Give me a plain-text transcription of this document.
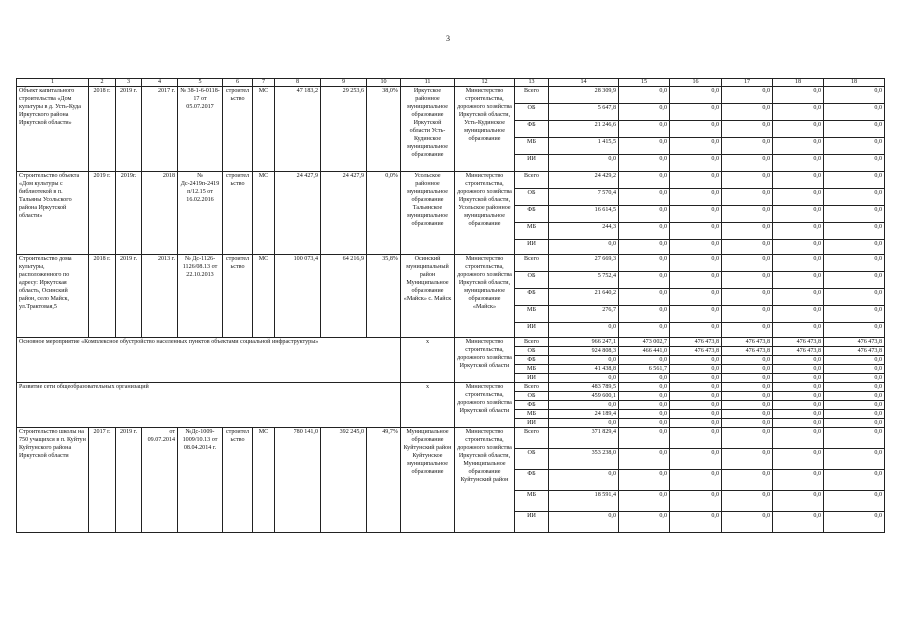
3
1	2	3	4	5	6	7	8	9	10	11	12	13	14	15	16	17	18	18
Объект капитального строительства «Дом культуры в д. Усть-Куда Иркутского района Иркутской области»	2018 г.	2019 г.	2017 г.	№ 38-1-6-0118-17 от 05.07.2017	строительство	МС	47 183,2	29 253,6	38,0%	Иркутское районное муниципальное образование Иркутской области Усть-Кудинское муниципальное образование	Министерство строительства, дорожного хозяйства Иркутской области, Усть-Кудинское муниципальное образование	Всего	28 309,9	0,0	0,0	0,0	0,0	0,0
												ОБ	5 647,8	0,0	0,0	0,0	0,0	0,0
												ФБ	21 246,6	0,0	0,0	0,0	0,0	0,0
												МБ	1 415,5	0,0	0,0	0,0	0,0	0,0
												ИИ	0,0	0,0	0,0	0,0	0,0	0,0
Строительство объекта «Дом культуры с библиотекой в п. Тальяны Усольского района Иркутской области»	2019 г.	2019г.	2018	№ Дс-2419п-2419п/12.15 от 16.02.2016	строительство	МС	24 427,9	24 427,9	0,0%	Усольское районное муниципальное образование Тальянское муниципальное образование	Министерство строительства, дорожного хозяйства Иркутской области, Усольское районное муниципальное образование	Всего	24 429,2	0,0	0,0	0,0	0,0	0,0
												ОБ	7 570,4	0,0	0,0	0,0	0,0	0,0
												ФБ	16 614,5	0,0	0,0	0,0	0,0	0,0
												МБ	244,3	0,0	0,0	0,0	0,0	0,0
												ИИ	0,0	0,0	0,0	0,0	0,0	0,0
Строительство дома культуры, расположенного по адресу: Иркутская область, Осинский район, село Майск, ул.Трактовая,5	2018 г.	2019 г.	2013 г.	№ Дс-1126-1126/08.13 от 22.10.2013	строительство	МС	100 073,4	64 216,9	35,8%	Осинский муниципальный район Муниципальное образование «Майск» с. Майск	Министерство строительства, дорожного хозяйства Иркутской области, муниципальное образование «Майск»	Всего	27 669,3	0,0	0,0	0,0	0,0	0,0
												ОБ	5 752,4	0,0	0,0	0,0	0,0	0,0
												ФБ	21 640,2	0,0	0,0	0,0	0,0	0,0
												МБ	276,7	0,0	0,0	0,0	0,0	0,0
												ИИ	0,0	0,0	0,0	0,0	0,0	0,0
Основное мероприятие «Комплексное обустройство населенных пунктов объектами социальной инфраструктуры»										х	Министерство строительства, дорожного хозяйства Иркутской области	Всего	966 247,1	473 002,7	476 473,8	476 473,8	476 473,8	476 473,8
												ОБ	924 808,3	466 441,0	476 473,8	476 473,8	476 473,8	476 473,8
												ФБ	0,0	0,0	0,0	0,0	0,0	0,0
												МБ	41 438,8	6 561,7	0,0	0,0	0,0	0,0
												ИИ	0,0	0,0	0,0	0,0	0,0	0,0
Развитие сети общеобразовательных организаций										х	Министерство строительства, дорожного хозяйства Иркутской области	Всего	483 789,5	0,0	0,0	0,0	0,0	0,0
												ОБ	459 600,1	0,0	0,0	0,0	0,0	0,0
												ФБ	0,0	0,0	0,0	0,0	0,0	0,0
												МБ	24 189,4	0,0	0,0	0,0	0,0	0,0
												ИИ	0,0	0,0	0,0	0,0	0,0	0,0
Строительство школы на 750 учащихся в п. Куйтун Куйтунского района Иркутской области	2017 г.	2019 г.	от 09.07.2014	№Дс-1009-1009/10.13 от 08.04.2014 г.	строительство	МС	780 141,0	392 245,0	49,7%	Муниципальное образование Куйтунский район Куйтунское муниципальное образование	Министерство строительства, дорожного хозяйства Иркутской области, Муниципальное образование Куйтунский район	Всего	371 829,4	0,0	0,0	0,0	0,0	0,0
												ОБ	353 238,0	0,0	0,0	0,0	0,0	0,0
												ФБ	0,0	0,0	0,0	0,0	0,0	0,0
												МБ	18 591,4	0,0	0,0	0,0	0,0	0,0
												ИИ	0,0	0,0	0,0	0,0	0,0	0,0
